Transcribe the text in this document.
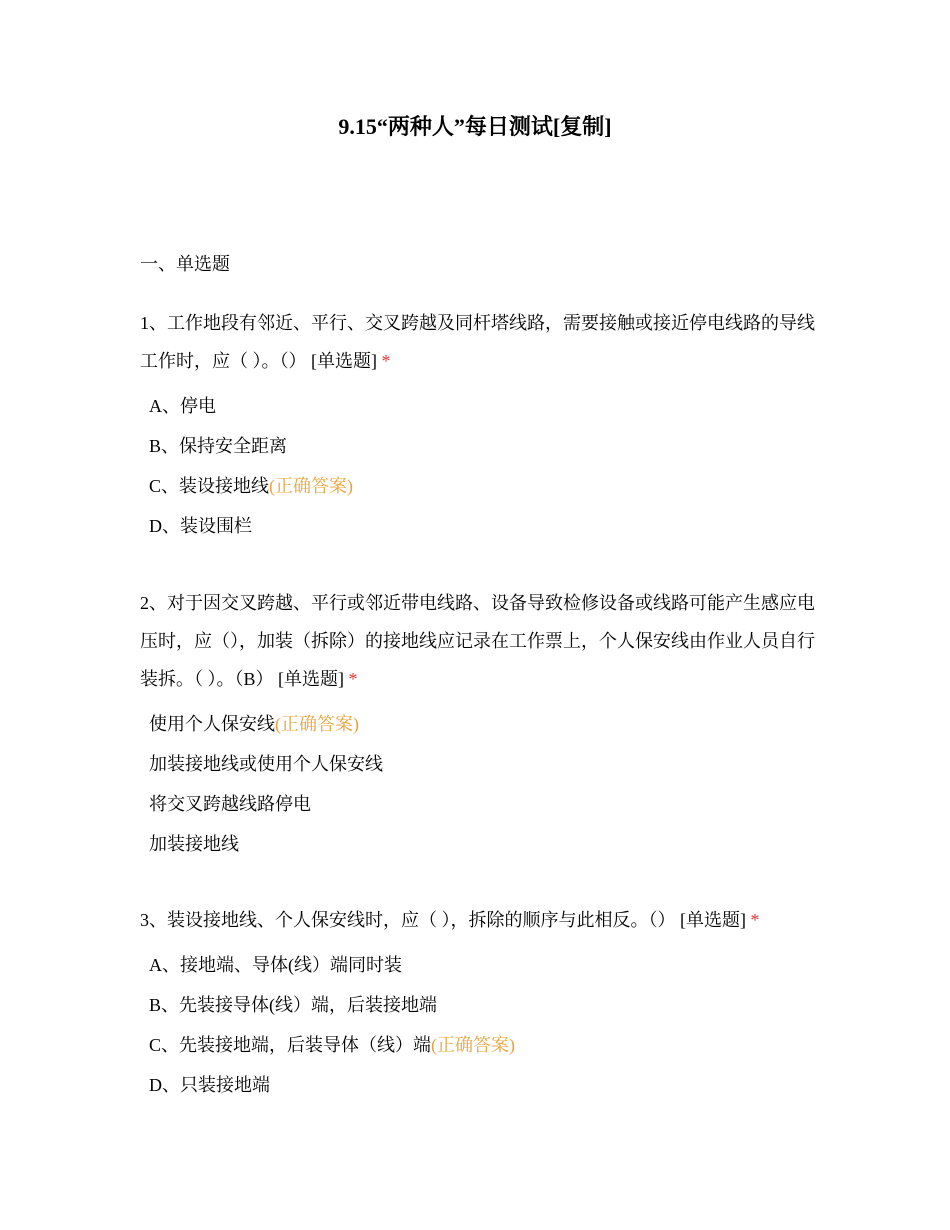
9.15“两种人”每日测试[复制]
一、单选题

1、工作地段有邻近、平行、交叉跨越及同杆塔线路，需要接触或接近停电线路的导线工作时，应（ ）。（） [单选题] *

A、停电
B、保持安全距离
C、装设接地线(正确答案)
D、装设围栏

2、对于因交叉跨越、平行或邻近带电线路、设备导致检修设备或线路可能产生感应电压时，应（），加装（拆除）的接地线应记录在工作票上，个人保安线由作业人员自行装拆。（ ）。（B） [单选题] *

使用个人保安线(正确答案)
加装接地线或使用个人保安线
将交叉跨越线路停电
加装接地线

3、装设接地线、个人保安线时，应（ ），拆除的顺序与此相反。（） [单选题] *

A、接地端、导体(线）端同时装
B、先装接导体(线）端，后装接地端
C、先装接地端，后装导体（线）端(正确答案)
D、只装接地端
